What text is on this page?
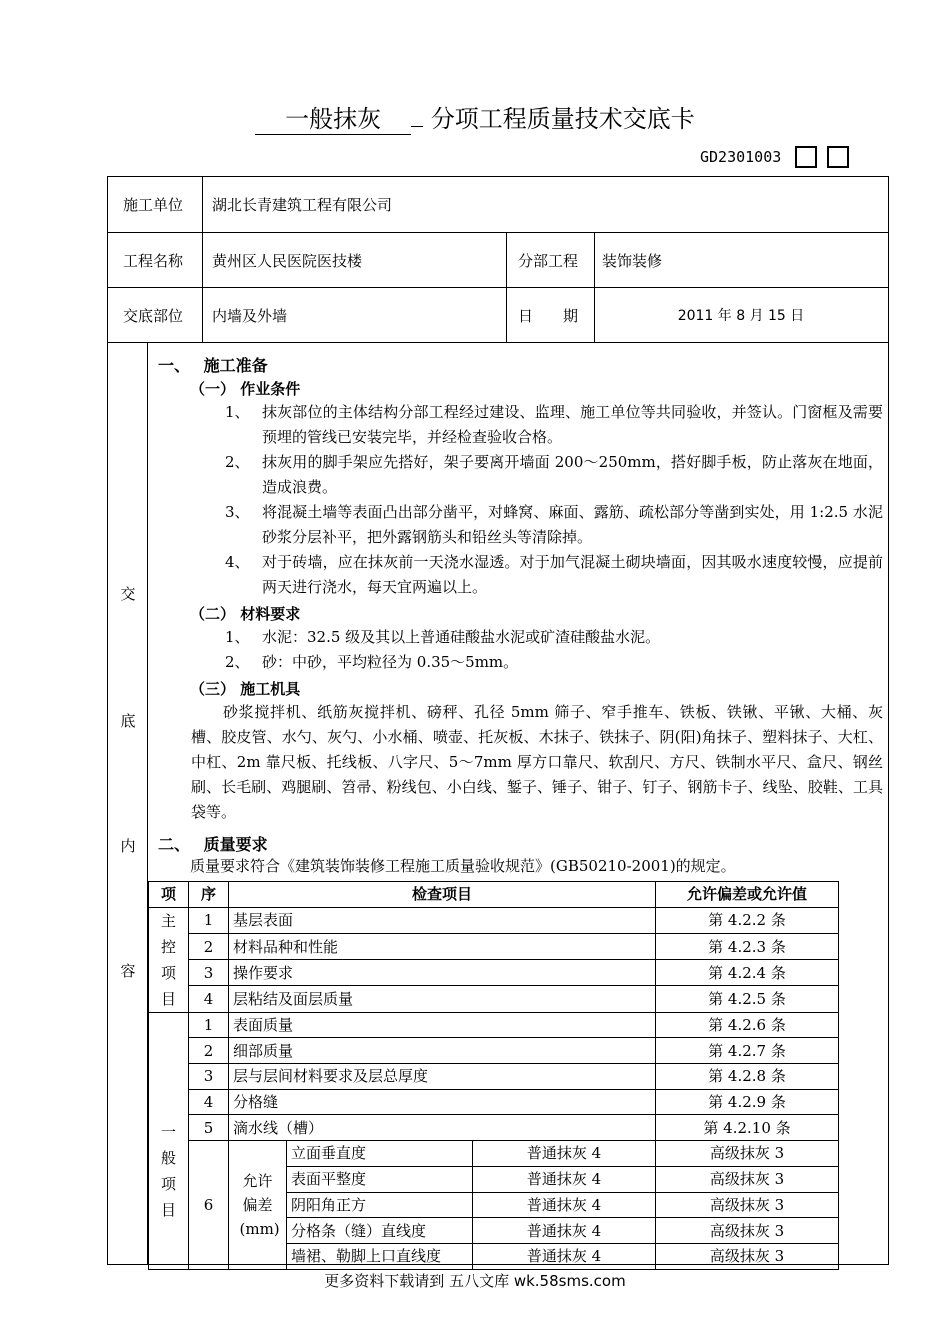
一般抹灰 分项工程质量技术交底卡
GD2301003
施工单位 湖北长青建筑工程有限公司
工程名称 黄州区人民医院医技楼	分部工程 装饰装修
交底部位 内墙及外墙	日　　期	2011 年 8 月 15 日
交
底
内
容
一、　 施工准备
（一） 作业条件
1、 抹灰部位的主体结构分部工程经过建设、监理、施工单位等共同验收，并签认。门窗框及需要预埋的管线已安装完毕，并经检查验收合格。
2、 抹灰用的脚手架应先搭好，架子要离开墙面 200～250mm，搭好脚手板，防止落灰在地面，造成浪费。
3、 将混凝土墙等表面凸出部分凿平，对蜂窝、麻面、露筋、疏松部分等凿到实处，用 1:2.5 水泥砂浆分层补平，把外露钢筋头和铅丝头等清除掉。
4、 对于砖墙，应在抹灰前一天浇水湿透。对于加气混凝土砌块墙面，因其吸水速度较慢，应提前两天进行浇水，每天宜两遍以上。
（二） 材料要求
1、 水泥：32.5 级及其以上普通硅酸盐水泥或矿渣硅酸盐水泥。
2、 砂：中砂，平均粒径为 0.35～5mm。
（三） 施工机具
砂浆搅拌机、纸筋灰搅拌机、磅秤、孔径 5mm 筛子、窄手推车、铁板、铁锹、平锹、大桶、灰槽、胶皮管、水勺、灰勺、小水桶、喷壶、托灰板、木抹子、铁抹子、阴(阳)角抹子、塑料抹子、大杠、中杠、2m 靠尺板、托线板、八字尺、5～7mm 厚方口靠尺、软刮尺、方尺、铁制水平尺、盒尺、钢丝刷、长毛刷、鸡腿刷、笤帚、粉线包、小白线、錾子、锤子、钳子、钉子、钢筋卡子、线坠、胶鞋、工具袋等。
二、　 质量要求
质量要求符合《建筑装饰装修工程施工质量验收规范》(GB50210-2001)的规定。
项	序	检查项目			允许偏差或允许值
主控项目	1	基层表面			第 4.2.2 条
	2	材料品种和性能			第 4.2.3 条
	3	操作要求			第 4.2.4 条
	4	层粘结及面层质量			第 4.2.5 条
一般项目	1	表面质量			第 4.2.6 条
	2	细部质量			第 4.2.7 条
	3	层与层间材料要求及层总厚度			第 4.2.8 条
	4	分格缝			第 4.2.9 条
	5	滴水线（槽）			第 4.2.10 条
	6	允许偏差(mm)	立面垂直度	普通抹灰 4	高级抹灰 3
			表面平整度	普通抹灰 4	高级抹灰 3
			阴阳角正方	普通抹灰 4	高级抹灰 3
			分格条（缝）直线度	普通抹灰 4	高级抹灰 3
			墙裙、勒脚上口直线度	普通抹灰 4	高级抹灰 3
更多资料下载请到 五八文库 wk.58sms.com
